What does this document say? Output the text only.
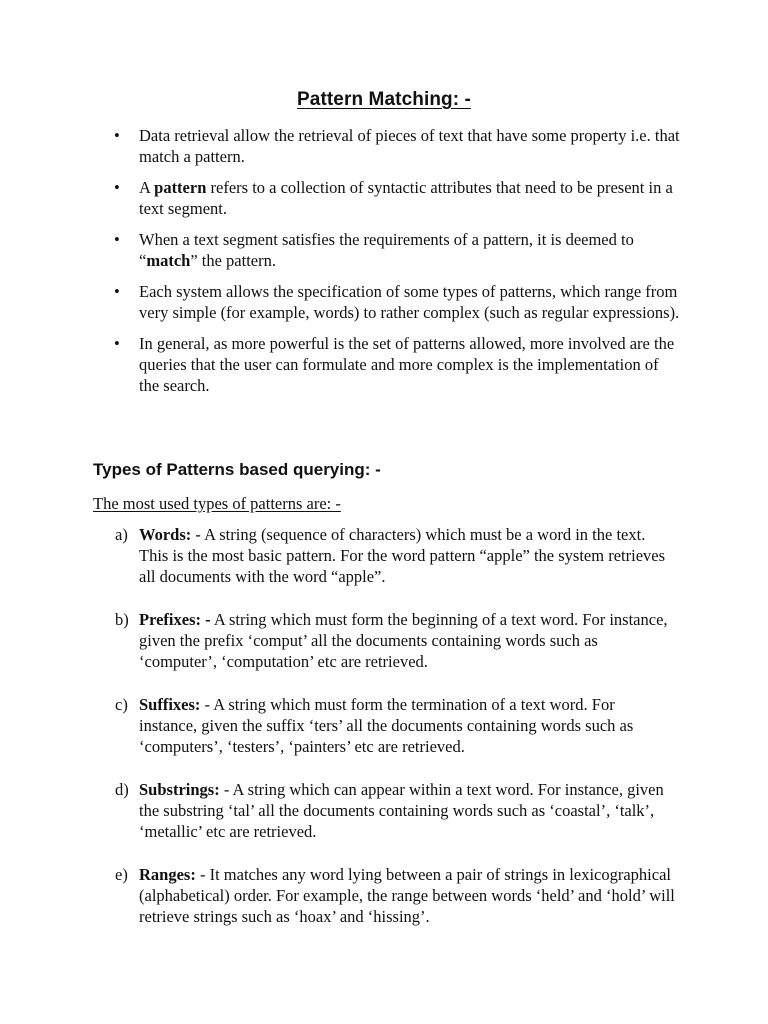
Pattern Matching: -
• Data retrieval allow the retrieval of pieces of text that have some property i.e. that match a pattern.
• A pattern refers to a collection of syntactic attributes that need to be present in a text segment.
• When a text segment satisfies the requirements of a pattern, it is deemed to “match” the pattern.
• Each system allows the specification of some types of patterns, which range from very simple (for example, words) to rather complex (such as regular expressions).
• In general, as more powerful is the set of patterns allowed, more involved are the queries that the user can formulate and more complex is the implementation of the search.
Types of Patterns based querying: -
The most used types of patterns are: -
a) Words: - A string (sequence of characters) which must be a word in the text. This is the most basic pattern. For the word pattern “apple” the system retrieves all documents with the word “apple”.
b) Prefixes: - A string which must form the beginning of a text word. For instance, given the prefix ‘comput’ all the documents containing words such as ‘computer’, ‘computation’ etc are retrieved.
c) Suffixes: - A string which must form the termination of a text word. For instance, given the suffix ‘ters’ all the documents containing words such as ‘computers’, ‘testers’, ‘painters’ etc are retrieved.
d) Substrings: - A string which can appear within a text word. For instance, given the substring ‘tal’ all the documents containing words such as ‘coastal’, ‘talk’, ‘metallic’ etc are retrieved.
e) Ranges: - It matches any word lying between a pair of strings in lexicographical (alphabetical) order. For example, the range between words ‘held’ and ‘hold’ will retrieve strings such as ‘hoax’ and ‘hissing’.
